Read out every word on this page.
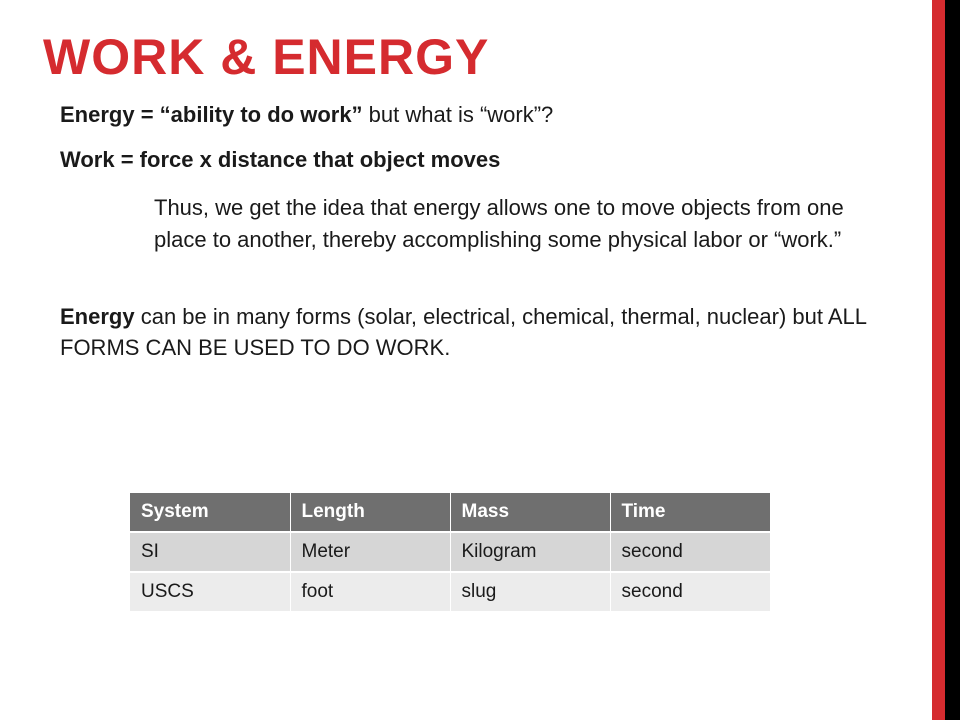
WORK & ENERGY

Energy = “ability to do work” but what is “work”?

Work = force x distance that object moves

Thus, we get the idea that energy allows one to move objects from one place to another, thereby accomplishing some physical labor or “work.”

Energy can be in many forms (solar, electrical, chemical, thermal, nuclear) but ALL FORMS CAN BE USED TO DO WORK.

System	Length	Mass	Time
SI	Meter	Kilogram	second
USCS	foot	slug	second
